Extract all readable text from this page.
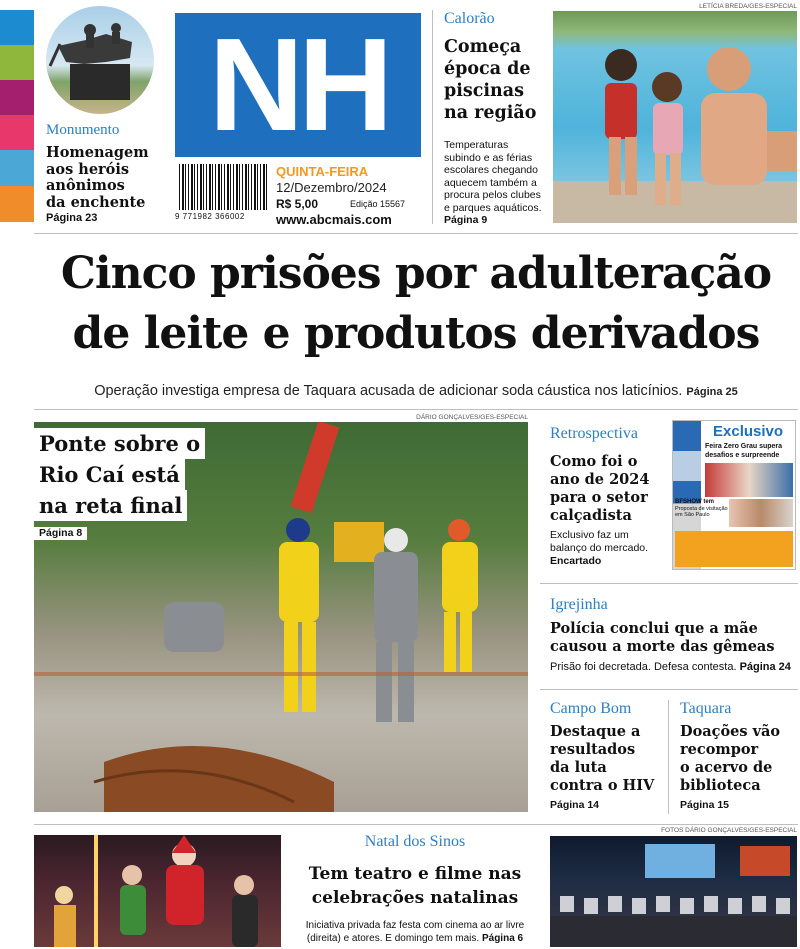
Monumento
Homenagem
aos heróis
anônimos
da enchente
Página 23
NH
9 771982 366002
QUINTA-FEIRA
12/Dezembro/2024
R$ 5,00	Edição 15567
www.abcmais.com
Calorão
Começa
época de
piscinas
na região
Temperaturas
subindo e as férias
escolares chegando
aquecem também a
procura pelos clubes
e parques aquáticos.
Página 9
LETÍCIA BREDA/GES-ESPECIAL
Cinco prisões por adulteração
de leite e produtos derivados
Operação investiga empresa de Taquara acusada de adicionar soda cáustica nos laticínios. Página 25
DÁRIO GONÇALVES/GES-ESPECIAL
Ponte sobre o
Rio Caí está
na reta final
Página 8
Retrospectiva
Como foi o
ano de 2024
para o setor
calçadista
Exclusivo faz um
balanço do mercado.
Encartado
Exclusivo
Feira Zero Grau supera
desafios e surpreende
BFSHOW tem
Proposta de visitação
em São Paulo
Igrejinha
Polícia conclui que a mãe
causou a morte das gêmeas
Prisão foi decretada. Defesa contesta. Página 24
Campo Bom
Destaque a
resultados
da luta
contra o HIV
Página 14
Taquara
Doações vão
recompor
o acervo de
biblioteca
Página 15
Natal dos Sinos
Tem teatro e filme nas
celebrações natalinas
Iniciativa privada faz festa com cinema ao ar livre
(direita) e atores. E domingo tem mais. Página 6
FOTOS DÁRIO GONÇALVES/GES-ESPECIAL
